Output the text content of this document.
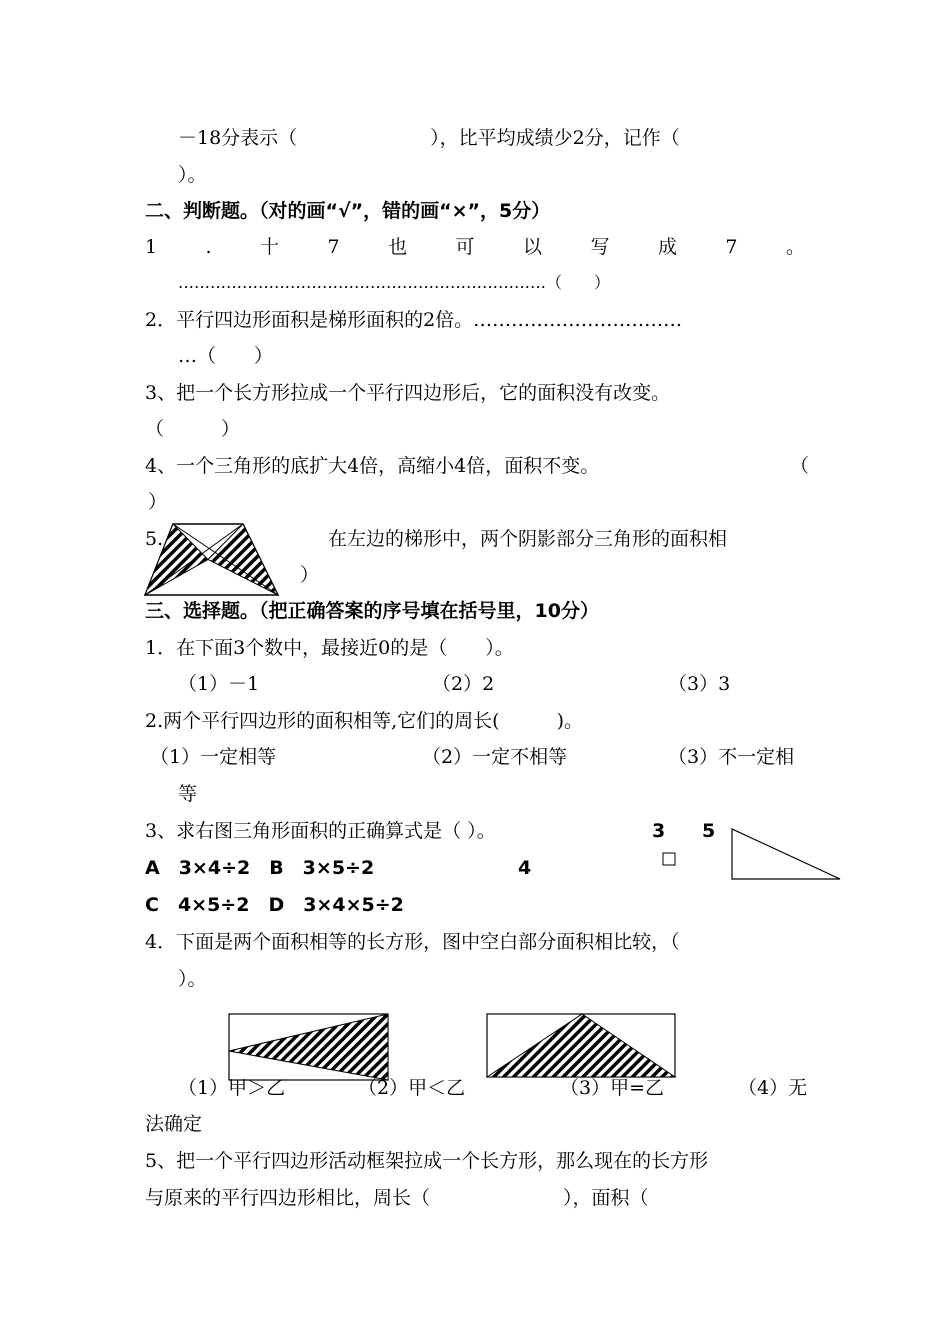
－18分表示（　　　　　　　），比平均成绩少2分，记作（
）。
二、判断题。（对的画“√”，错的画“×”，5分）
1	.	十	7	也	可	以	写	成	7	。
……………………………………………………………（　　）
2．平行四边形面积是梯形面积的2倍。……………………………
…（　　）
3、把一个长方形拉成一个平行四边形后，它的面积没有改变。
（　　　）
4、一个三角形的底扩大4倍，高缩小4倍，面积不变。	（
）
5.	在左边的梯形中，两个阴影部分三角形的面积相
）
三、选择题。（把正确答案的序号填在括号里，10分）
1．在下面3个数中，最接近0的是（　　）。
（1）－1	（2）2	（3）3
2.两个平行四边形的面积相等,它们的周长(　　　)。
（1）一定相等	（2）一定不相等	（3）不一定相
等
3、求右图三角形面积的正确算式是（ ）。	3 5
4
A　3×4÷2　B　3×5÷2
C　4×5÷2　D　3×4×5÷2
4．下面是两个面积相等的长方形，图中空白部分面积相比较，（
）。
（1）甲＞乙	（2）甲＜乙	（3）甲=乙	（4）无
法确定
5、把一个平行四边形活动框架拉成一个长方形，那么现在的长方形
与原来的平行四边形相比，周长（　　　　　　　），面积（
